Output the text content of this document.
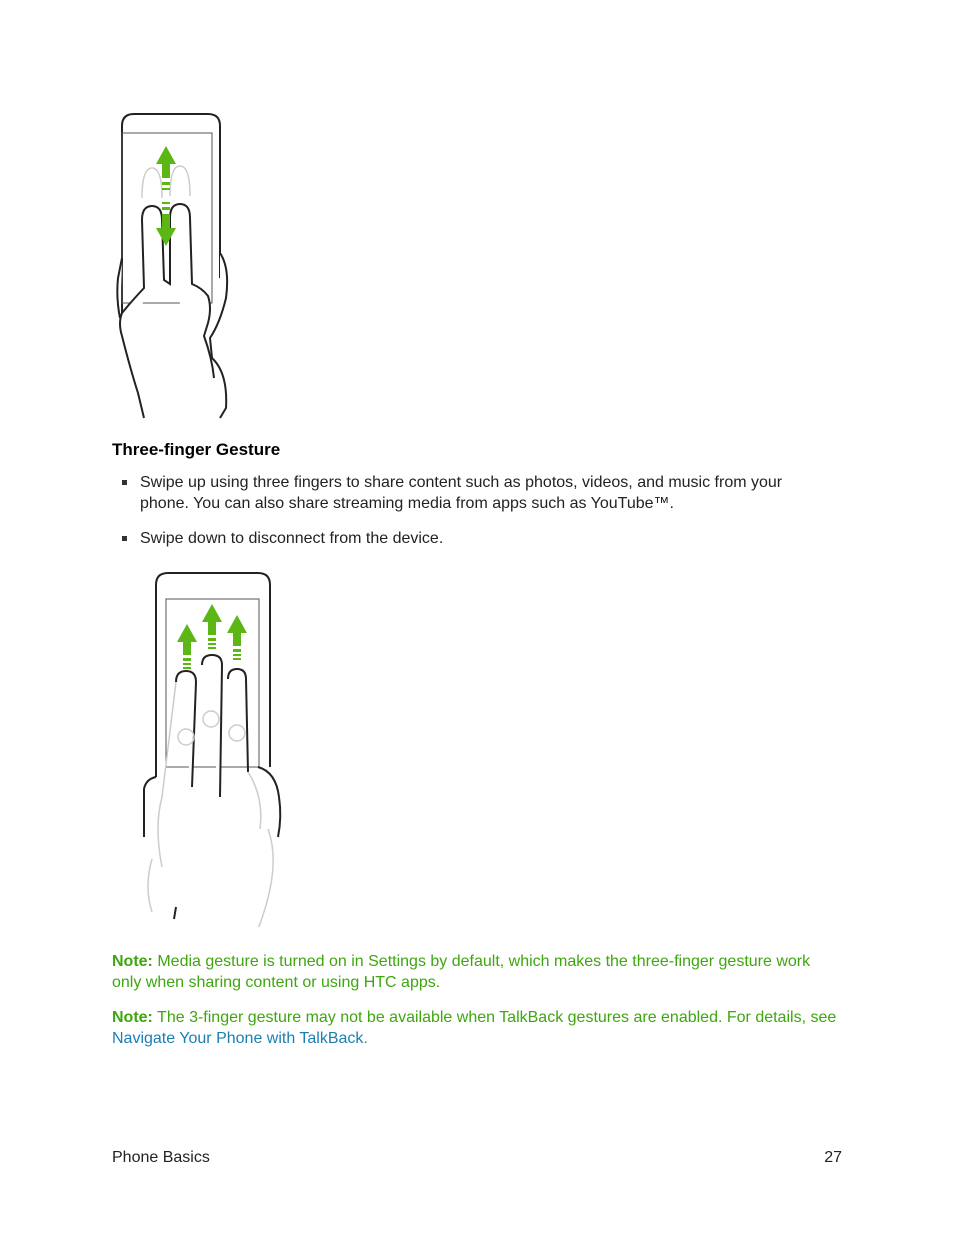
Three-finger Gesture
Swipe up using three fingers to share content such as photos, videos, and music from your phone. You can also share streaming media from apps such as YouTube™.
Swipe down to disconnect from the device.
Note: Media gesture is turned on in Settings by default, which makes the three-finger gesture work only when sharing content or using HTC apps.
Note: The 3-finger gesture may not be available when TalkBack gestures are enabled. For details, see Navigate Your Phone with TalkBack.
Phone Basics	27
